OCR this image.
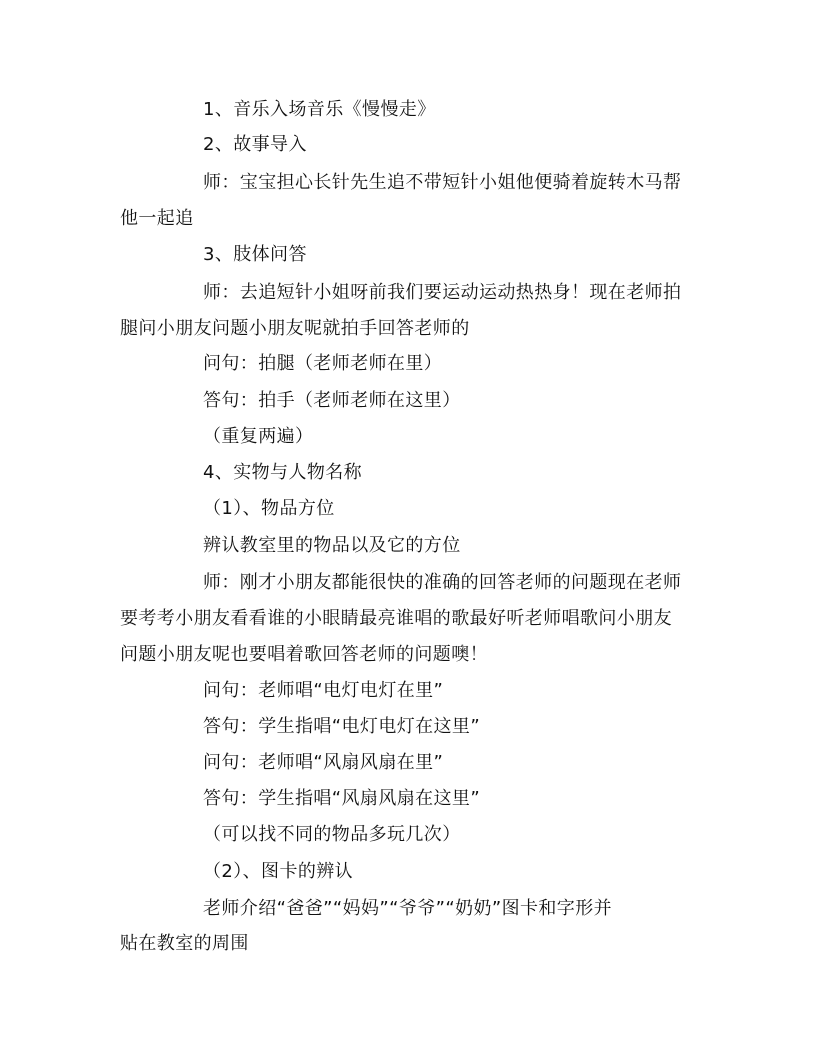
1、音乐入场音乐《慢慢走》
2、故事导入
师：宝宝担心长针先生追不带短针小姐他便骑着旋转木马帮
他一起追
3、肢体问答
师：去追短针小姐呀前我们要运动运动热热身！现在老师拍
腿问小朋友问题小朋友呢就拍手回答老师的
问句：拍腿（老师老师在里）
答句：拍手（老师老师在这里）
（重复两遍）
4、实物与人物名称
（1）、物品方位
辨认教室里的物品以及它的方位
师：刚才小朋友都能很快的准确的回答老师的问题现在老师
要考考小朋友看看谁的小眼睛最亮谁唱的歌最好听老师唱歌问小朋友
问题小朋友呢也要唱着歌回答老师的问题噢！
问句：老师唱“电灯电灯在里”
答句：学生指唱“电灯电灯在这里”
问句：老师唱“风扇风扇在里”
答句：学生指唱“风扇风扇在这里”
（可以找不同的物品多玩几次）
（2）、图卡的辨认
老师介绍“爸爸”“妈妈”“爷爷”“奶奶”图卡和字形并
贴在教室的周围
